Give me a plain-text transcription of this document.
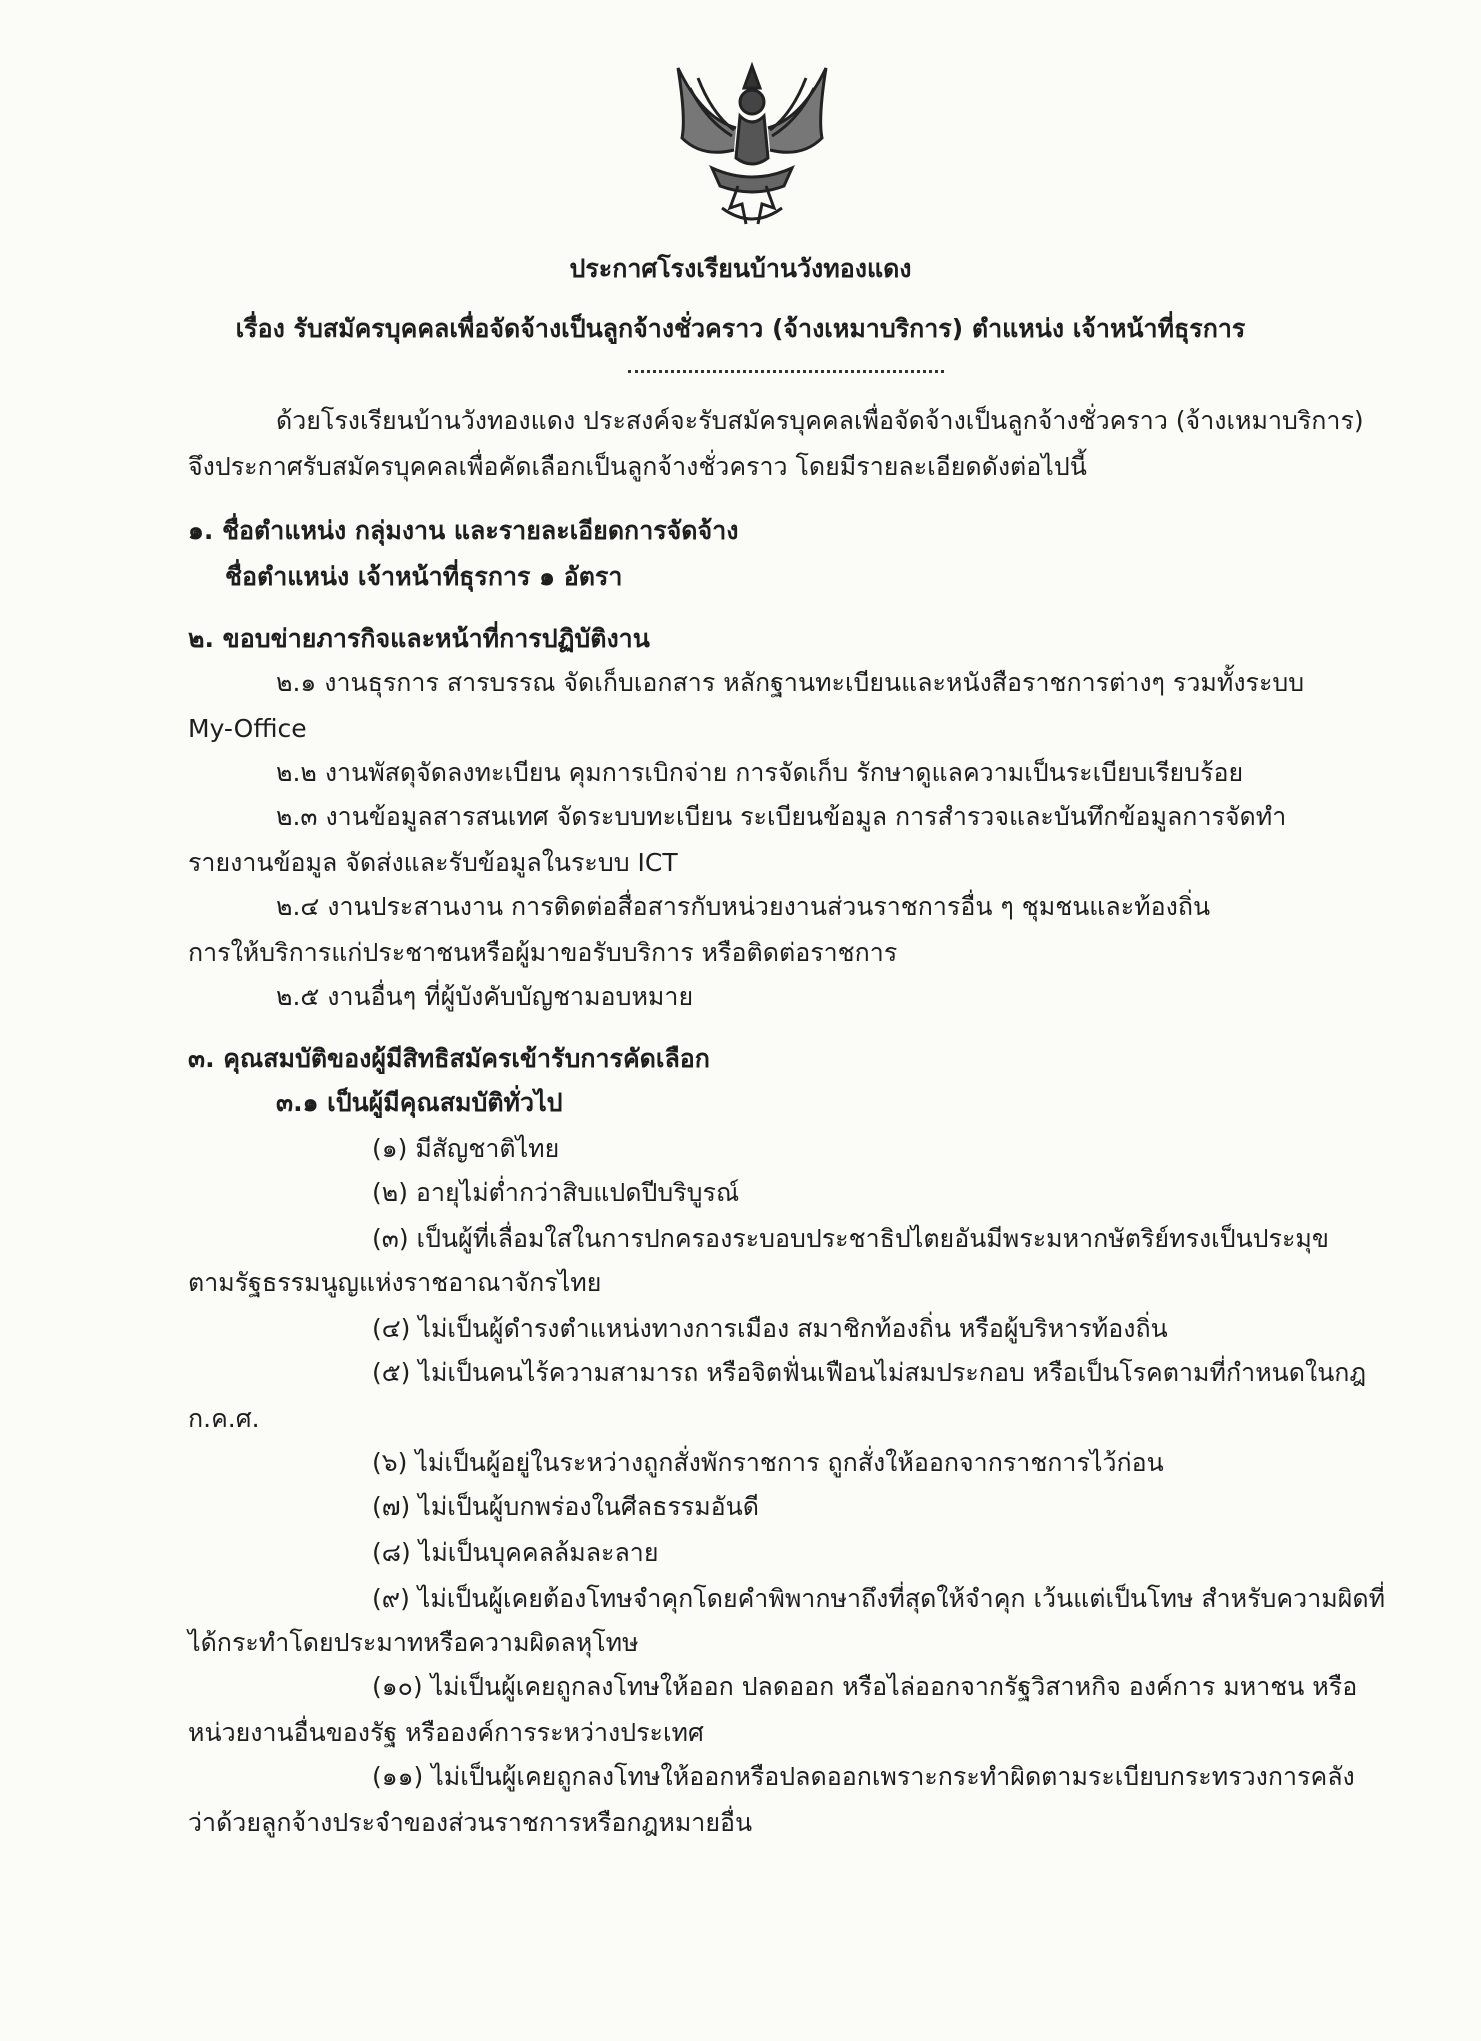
ประกาศโรงเรียนบ้านวังทองแดง
เรื่อง รับสมัครบุคคลเพื่อจัดจ้างเป็นลูกจ้างชั่วคราว (จ้างเหมาบริการ) ตำแหน่ง เจ้าหน้าที่ธุรการ
ด้วยโรงเรียนบ้านวังทองแดง ประสงค์จะรับสมัครบุคคลเพื่อจัดจ้างเป็นลูกจ้างชั่วคราว (จ้างเหมาบริการ)
จึงประกาศรับสมัครบุคคลเพื่อคัดเลือกเป็นลูกจ้างชั่วคราว โดยมีรายละเอียดดังต่อไปนี้
๑. ชื่อตำแหน่ง กลุ่มงาน และรายละเอียดการจัดจ้าง
ชื่อตำแหน่ง เจ้าหน้าที่ธุรการ ๑ อัตรา
๒. ขอบข่ายภารกิจและหน้าที่การปฏิบัติงาน
๒.๑ งานธุรการ สารบรรณ จัดเก็บเอกสาร หลักฐานทะเบียนและหนังสือราชการต่างๆ รวมทั้งระบบ
My-Office
๒.๒ งานพัสดุจัดลงทะเบียน คุมการเบิกจ่าย การจัดเก็บ รักษาดูแลความเป็นระเบียบเรียบร้อย
๒.๓ งานข้อมูลสารสนเทศ จัดระบบทะเบียน ระเบียนข้อมูล การสำรวจและบันทึกข้อมูลการจัดทำ
รายงานข้อมูล จัดส่งและรับข้อมูลในระบบ ICT
๒.๔ งานประสานงาน การติดต่อสื่อสารกับหน่วยงานส่วนราชการอื่น ๆ ชุมชนและท้องถิ่น
การให้บริการแก่ประชาชนหรือผู้มาขอรับบริการ หรือติดต่อราชการ
๒.๕ งานอื่นๆ ที่ผู้บังคับบัญชามอบหมาย
๓. คุณสมบัติของผู้มีสิทธิสมัครเข้ารับการคัดเลือก
๓.๑ เป็นผู้มีคุณสมบัติทั่วไป
(๑) มีสัญชาติไทย
(๒) อายุไม่ต่ำกว่าสิบแปดปีบริบูรณ์
(๓) เป็นผู้ที่เลื่อมใสในการปกครองระบอบประชาธิปไตยอันมีพระมหากษัตริย์ทรงเป็นประมุข
ตามรัฐธรรมนูญแห่งราชอาณาจักรไทย
(๔) ไม่เป็นผู้ดำรงตำแหน่งทางการเมือง สมาชิกท้องถิ่น หรือผู้บริหารท้องถิ่น
(๕) ไม่เป็นคนไร้ความสามารถ หรือจิตฟั่นเฟือนไม่สมประกอบ หรือเป็นโรคตามที่กำหนดในกฎ
ก.ค.ศ.
(๖) ไม่เป็นผู้อยู่ในระหว่างถูกสั่งพักราชการ ถูกสั่งให้ออกจากราชการไว้ก่อน
(๗) ไม่เป็นผู้บกพร่องในศีลธรรมอันดี
(๘) ไม่เป็นบุคคลล้มละลาย
(๙) ไม่เป็นผู้เคยต้องโทษจำคุกโดยคำพิพากษาถึงที่สุดให้จำคุก เว้นแต่เป็นโทษ สำหรับความผิดที่
ได้กระทำโดยประมาทหรือความผิดลหุโทษ
(๑๐) ไม่เป็นผู้เคยถูกลงโทษให้ออก ปลดออก หรือไล่ออกจากรัฐวิสาหกิจ องค์การ มหาชน หรือ
หน่วยงานอื่นของรัฐ หรือองค์การระหว่างประเทศ
(๑๑) ไม่เป็นผู้เคยถูกลงโทษให้ออกหรือปลดออกเพราะกระทำผิดตามระเบียบกระทรวงการคลัง
ว่าด้วยลูกจ้างประจำของส่วนราชการหรือกฎหมายอื่น
